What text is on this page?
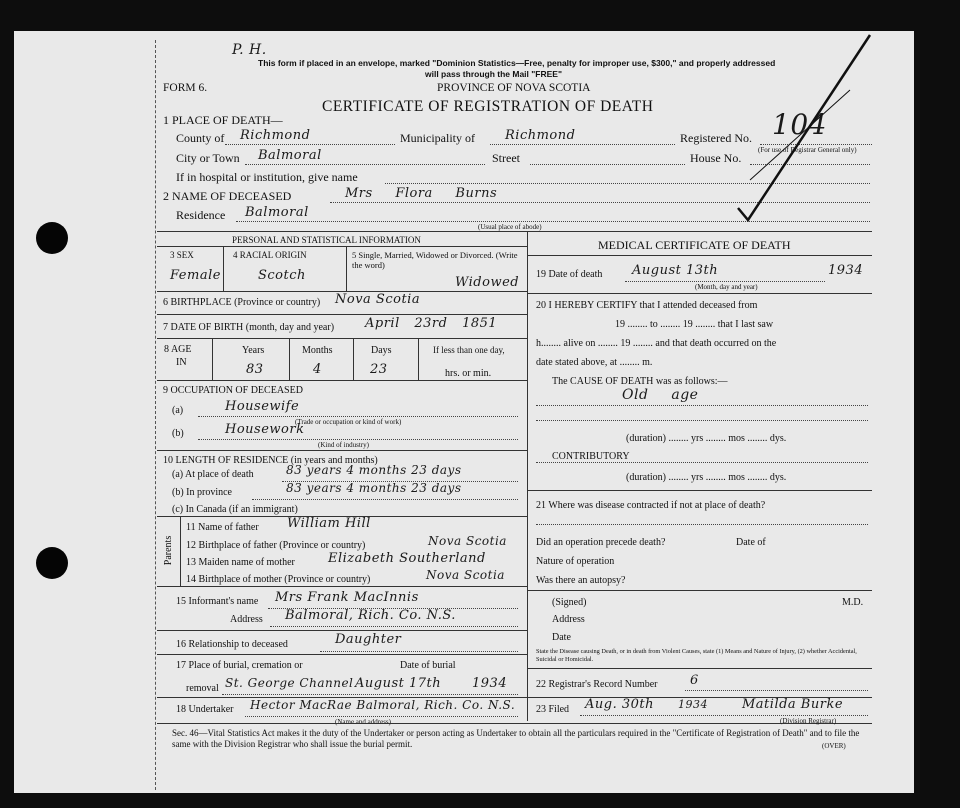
P. H.
This form if placed in an envelope, marked "Dominion Statistics—Free, penalty for improper use, $300," and properly addressed
will pass through the Mail "FREE"
PROVINCE OF NOVA SCOTIA
FORM 6.
CERTIFICATE OF REGISTRATION OF DEATH
1 PLACE OF DEATH—
County of Richmond	Municipality of Richmond	Registered No. 104
(For use of Registrar General only)
City or Town Balmoral	Street	House No.
If in hospital or institution, give name
2 NAME OF DECEASED	Mrs Flora Burns
Residence Balmoral
(Usual place of abode)
PERSONAL AND STATISTICAL INFORMATION	MEDICAL CERTIFICATE OF DEATH
3 SEX
Female
4 RACIAL ORIGIN
Scotch
5 Single, Married, Widowed or Divorced. (Write the word)
Widowed
6 BIRTHPLACE (Province or country) Nova Scotia
7 DATE OF BIRTH (month, day and year) April 23rd 1851
8 AGE
IN
Years
83
Months
4
Days
23
If less than one day,
hrs. or min.
9 OCCUPATION OF DECEASED
(a)	Housewife
(Trade or occupation or kind of work)
(b)	Housework
(Kind of industry)
10 LENGTH OF RESIDENCE (in years and months)
(a) At place of death	83 years 4 months 23 days
(b) In province	83 years 4 months 23 days
(c) In Canada (if an immigrant)
Parents
11 Name of father William Hill
12 Birthplace of father (Province or country)	Nova Scotia
13 Maiden name of mother	Elizabeth Southerland
14 Birthplace of mother (Province or country)	Nova Scotia
15 Informant's name Mrs Frank MacInnis
Address Balmoral, Rich. Co. N.S.
16 Relationship to deceased	Daughter
17 Place of burial, cremation or	Date of burial
removal St. George Channel August 17th 1934
18 Undertaker Hector MacRae Balmoral, Rich. Co. N.S.
(Name and address)
19 Date of death August 13th	1934
(Month, day and year)
20 I HEREBY CERTIFY that I attended deceased from
19 ........ to ........ 19 ........ that I last saw
h........ alive on ........ 19 ........ and that death occurred on the
date stated above, at ........ m.
The CAUSE OF DEATH was as follows:—
Old age
(duration) ........ yrs ........ mos ........ dys.
CONTRIBUTORY
(duration) ........ yrs ........ mos ........ dys.
21 Where was disease contracted if not at place of death?
Did an operation precede death?	Date of
Nature of operation
Was there an autopsy?
(Signed)	M.D.
Address
Date
State the Disease causing Death, or in death from Violent Causes, state (1) Means and Nature of Injury, (2) whether Accidental, Suicidal or Homicidal.
22 Registrar's Record Number	6
23 Filed Aug. 30th 1934	Matilda Burke
(Division Registrar)
Sec. 46—Vital Statistics Act makes it the duty of the Undertaker or person acting as Undertaker to obtain all the particulars required in the "Certificate of Registration of Death" and to file the same with the Division Registrar who shall issue the burial permit.	(OVER)
